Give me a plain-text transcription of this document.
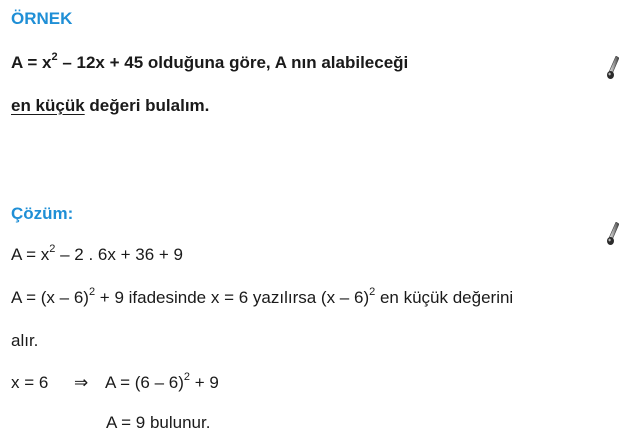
ÖRNEK
$A = x^2 - 12x + 45$ olduğuna göre, A nın alabileceği
en küçük değeri bulalım.
Çözüm:
$A = x^2 - 2$ . 6x + 36 + 9
A = (x – 6)$^2$ + 9 ifadesinde x = 6 yazılırsa (x – 6)$^2$ en küçük değerini
alır.
x = 6 ⇒ A = (6 – 6)$^2$ + 9
A = 9 bulunur.
